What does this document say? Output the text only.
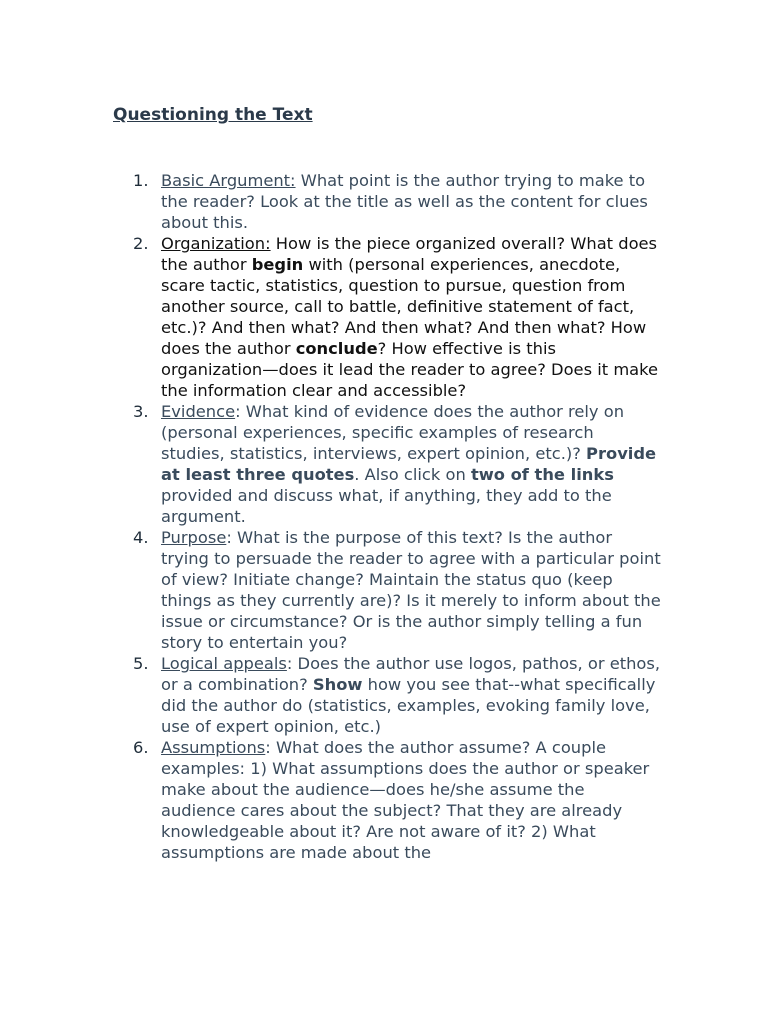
Questioning the Text
1. Basic Argument: What point is the author trying to make to the reader? Look at the title as well as the content for clues about this.
2. Organization: How is the piece organized overall? What does the author begin with (personal experiences, anecdote, scare tactic, statistics, question to pursue, question from another source, call to battle, definitive statement of fact, etc.)? And then what? And then what? And then what? How does the author conclude? How effective is this organization—does it lead the reader to agree? Does it make the information clear and accessible?
3. Evidence: What kind of evidence does the author rely on (personal experiences, specific examples of research studies, statistics, interviews, expert opinion, etc.)? Provide at least three quotes. Also click on two of the links provided and discuss what, if anything, they add to the argument.
4. Purpose: What is the purpose of this text? Is the author trying to persuade the reader to agree with a particular point of view? Initiate change? Maintain the status quo (keep things as they currently are)? Is it merely to inform about the issue or circumstance? Or is the author simply telling a fun story to entertain you?
5. Logical appeals: Does the author use logos, pathos, or ethos, or a combination? Show how you see that--what specifically did the author do (statistics, examples, evoking family love, use of expert opinion, etc.)
6. Assumptions: What does the author assume? A couple examples: 1) What assumptions does the author or speaker make about the audience—does he/she assume the audience cares about the subject? That they are already knowledgeable about it? Are not aware of it? 2) What assumptions are made about the
